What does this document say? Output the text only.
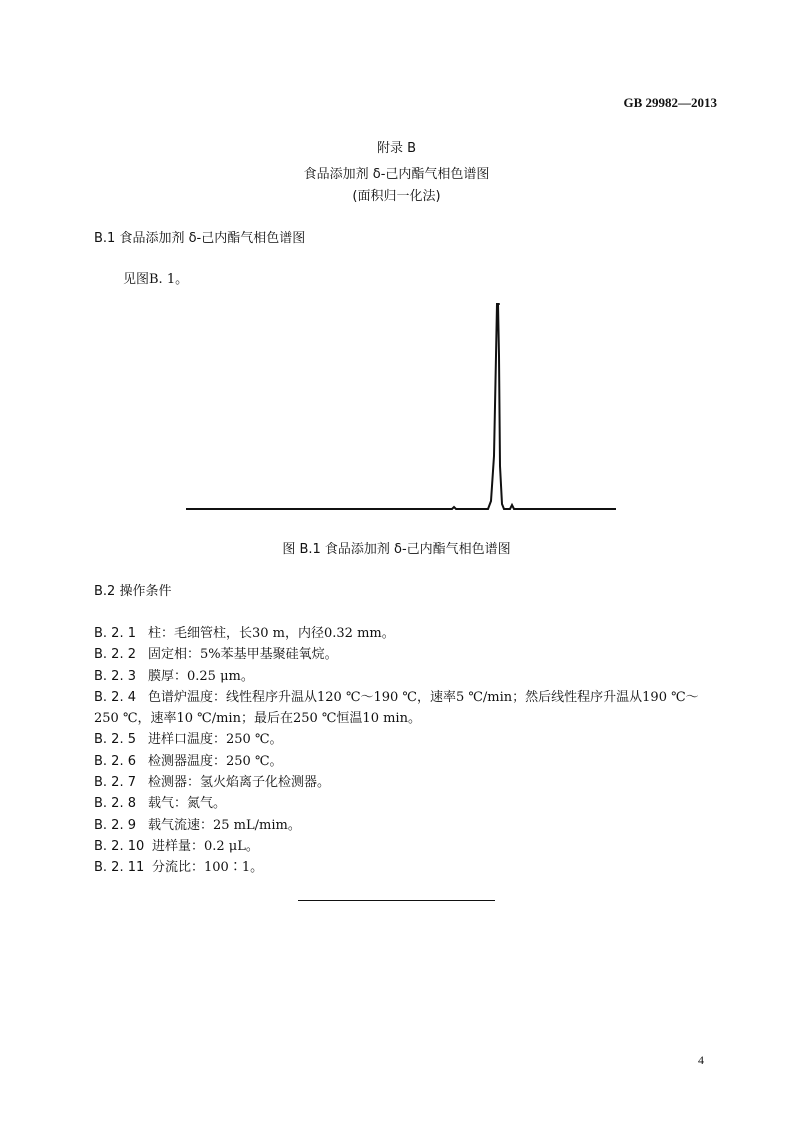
GB 29982—2013
附录 B
食品添加剂 δ-己内酯气相色谱图
(面积归一化法)
B.1 食品添加剂 δ-己内酯气相色谱图
见图B. 1。
图 B.1 食品添加剂 δ-己内酯气相色谱图
B.2 操作条件
B. 2. 1 柱：毛细管柱，长30 m，内径0.32 mm。
B. 2. 2 固定相：5%苯基甲基聚硅氧烷。
B. 2. 3 膜厚：0.25 μm。
B. 2. 4 色谱炉温度：线性程序升温从120 ℃～190 ℃，速率5 ℃/min；然后线性程序升温从190 ℃～
250 ℃，速率10 ℃/min；最后在250 ℃恒温10 min。
B. 2. 5 进样口温度：250 ℃。
B. 2. 6 检测器温度：250 ℃。
B. 2. 7 检测器：氢火焰离子化检测器。
B. 2. 8 载气：氮气。
B. 2. 9 载气流速：25 mL/mim。
B. 2. 10 进样量：0.2 μL。
B. 2. 11 分流比：100∶1。
4
